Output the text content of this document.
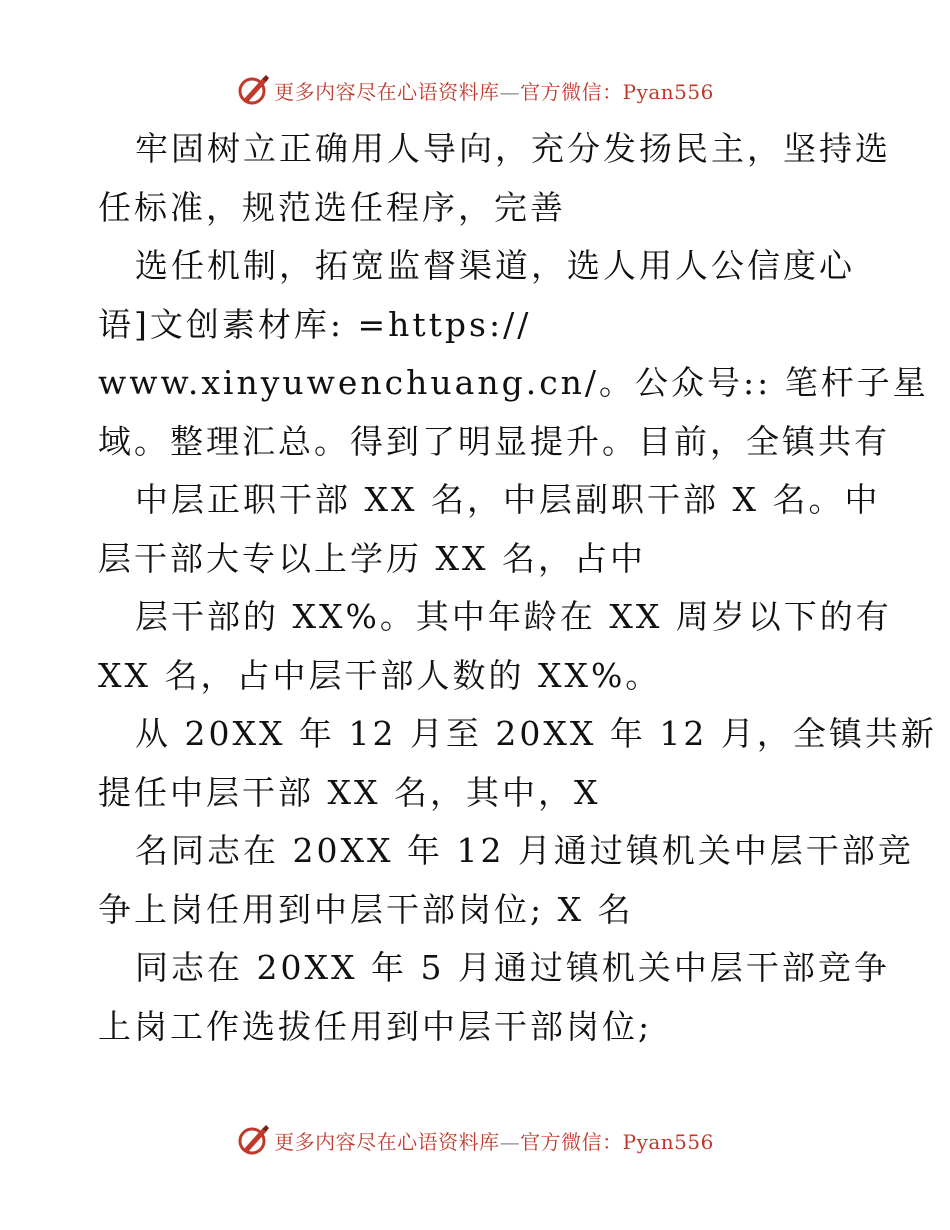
更多内容尽在心语资料库—官方微信：Pyan556
牢固树立正确用人导向，充分发扬民主，坚持选
任标准，规范选任程序，完善
选任机制，拓宽监督渠道，选人用人公信度心
语]文创素材库: =https://
www.xinyuwenchuang.cn/。公众号:: 笔杆子星
域。整理汇总。得到了明显提升。目前，全镇共有
中层正职干部 XX 名，中层副职干部 X 名。中
层干部大专以上学历 XX 名，占中
层干部的 XX%。其中年龄在 XX 周岁以下的有
XX 名，占中层干部人数的 XX%。
从 20XX 年 12 月至 20XX 年 12 月，全镇共新
提任中层干部 XX 名，其中，X
名同志在 20XX 年 12 月通过镇机关中层干部竞
争上岗任用到中层干部岗位; X 名
同志在 20XX 年 5 月通过镇机关中层干部竞争
上岗工作选拔任用到中层干部岗位;
更多内容尽在心语资料库—官方微信：Pyan556
